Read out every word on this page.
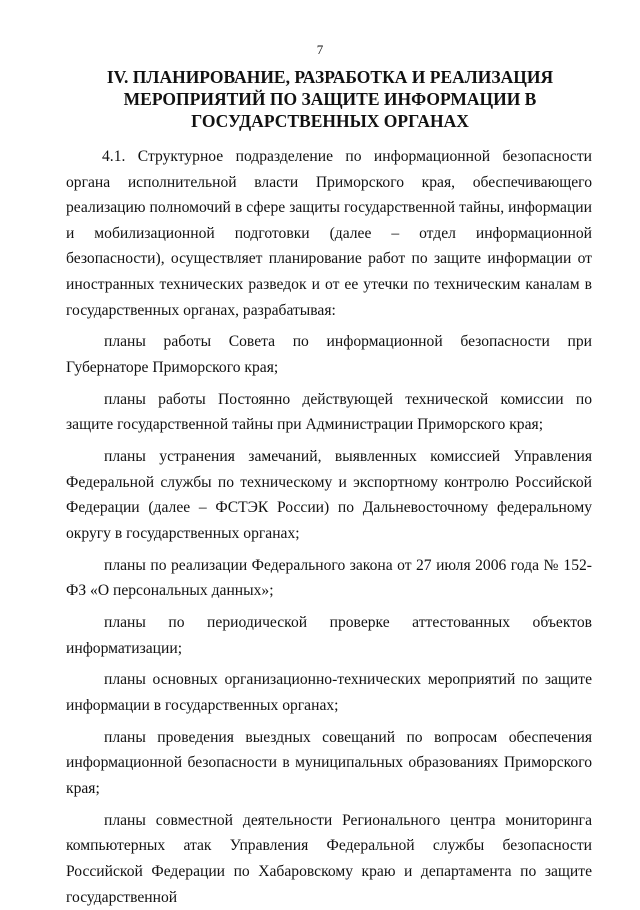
7
IV. ПЛАНИРОВАНИЕ, РАЗРАБОТКА И РЕАЛИЗАЦИЯ
МЕРОПРИЯТИЙ ПО ЗАЩИТЕ ИНФОРМАЦИИ В
ГОСУДАРСТВЕННЫХ ОРГАНАХ

4.1. Структурное подразделение по информационной безопасности органа исполнительной власти Приморского края, обеспечивающего реализацию полномочий в сфере защиты государственной тайны, информации и мобилизационной подготовки (далее – отдел информационной безопасности), осуществляет планирование работ по защите информации от иностранных технических разведок и от ее утечки по техническим каналам в государственных органах, разрабатывая:

планы работы Совета по информационной безопасности при Губернаторе Приморского края;

планы работы Постоянно действующей технической комиссии по защите государственной тайны при Администрации Приморского края;

планы устранения замечаний, выявленных комиссией Управления Федеральной службы по техническому и экспортному контролю Российской Федерации (далее – ФСТЭК России) по Дальневосточному федеральному округу в государственных органах;

планы по реализации Федерального закона от 27 июля 2006 года № 152-ФЗ «О персональных данных»;

планы по периодической проверке аттестованных объектов информатизации;

планы основных организационно-технических мероприятий по защите информации в государственных органах;

планы проведения выездных совещаний по вопросам обеспечения информационной безопасности в муниципальных образованиях Приморского края;

планы совместной деятельности Регионального центра мониторинга компьютерных атак Управления Федеральной службы безопасности Российской Федерации по Хабаровскому краю и департамента по защите государственной
